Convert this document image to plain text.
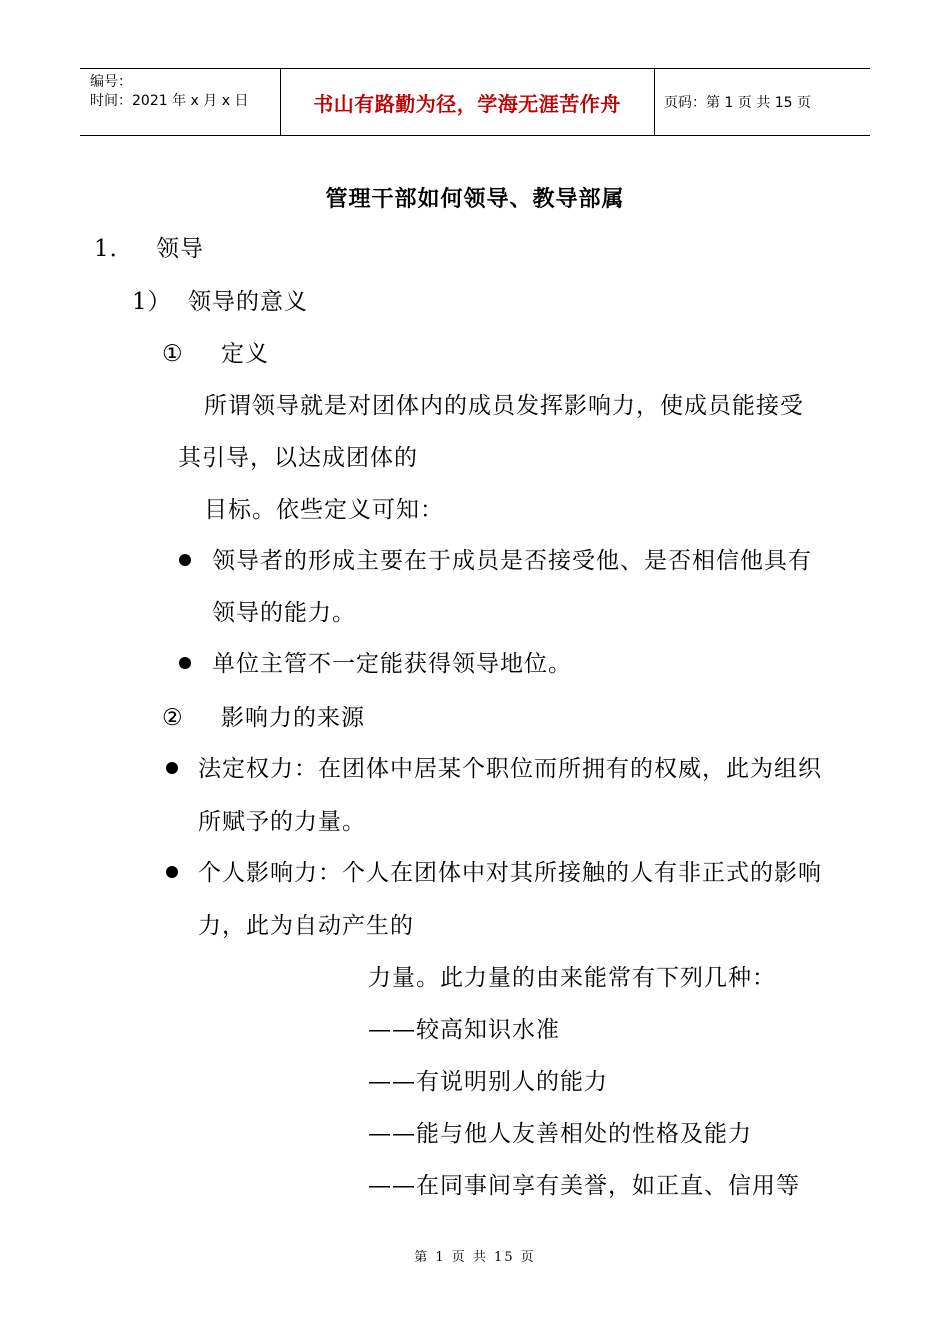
编号：
时间：2021 年 x 月 x 日	书山有路勤为径，学海无涯苦作舟	页码：第 1 页 共 15 页
管理干部如何领导、教导部属
1． 领导
1） 领导的意义
① 定义
所谓领导就是对团体内的成员发挥影响力，使成员能接受
其引导，以达成团体的
目标。依些定义可知：
领导者的形成主要在于成员是否接受他、是否相信他具有
领导的能力。
单位主管不一定能获得领导地位。
② 影响力的来源
法定权力：在团体中居某个职位而所拥有的权威，此为组织
所赋予的力量。
个人影响力：个人在团体中对其所接触的人有非正式的影响
力，此为自动产生的
力量。此力量的由来能常有下列几种：
——较高知识水准
——有说明别人的能力
——能与他人友善相处的性格及能力
——在同事间享有美誉，如正直、信用等
第 1 页 共 15 页
